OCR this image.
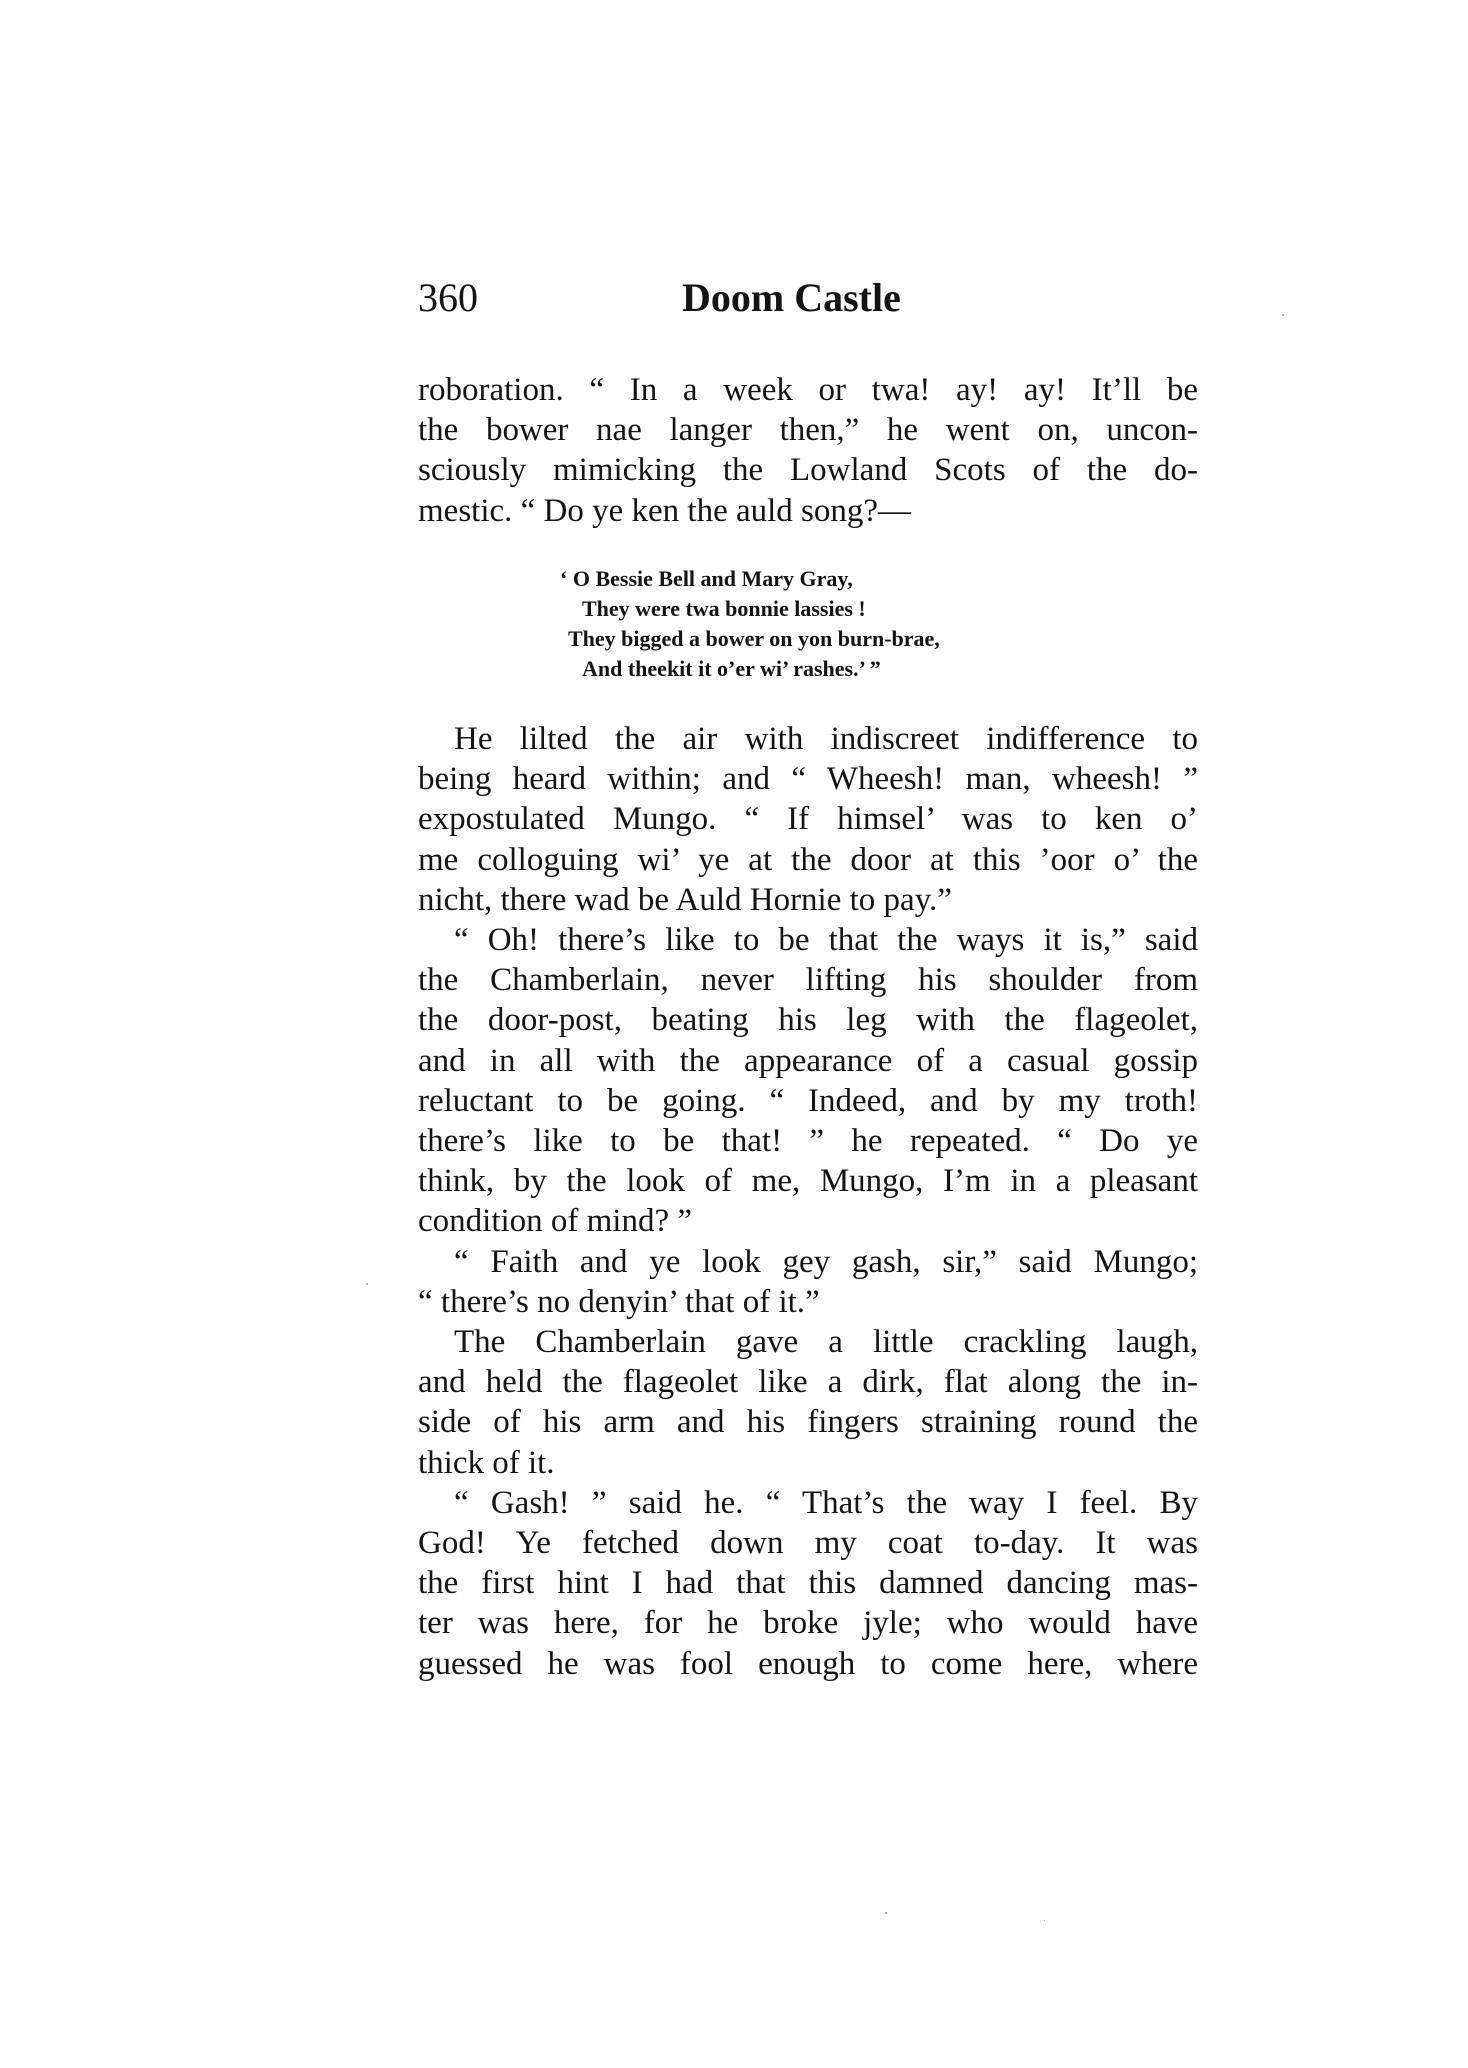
360	Doom Castle

roboration. “ In a week or twa! ay! ay! It’ll be

the bower nae langer then,” he went on, uncon-

sciously mimicking the Lowland Scots of the do-

mestic. “ Do ye ken the auld song?—

‘ O Bessie Bell and Mary Gray,

They were twa bonnie lassies !

They bigged a bower on yon burn-brae,

And theekit it o’er wi’ rashes.’ ”

He lilted the air with indiscreet indifference to

being heard within; and “ Wheesh! man, wheesh! ”

expostulated Mungo. “ If himsel’ was to ken o’

me colloguing wi’ ye at the door at this ’oor o’ the

nicht, there wad be Auld Hornie to pay.”

“ Oh! there’s like to be that the ways it is,” said

the Chamberlain, never lifting his shoulder from

the door-post, beating his leg with the flageolet,

and in all with the appearance of a casual gossip

reluctant to be going. “ Indeed, and by my troth!

there’s like to be that! ” he repeated. “ Do ye

think, by the look of me, Mungo, I’m in a pleasant

condition of mind? ”

“ Faith and ye look gey gash, sir,” said Mungo;

“ there’s no denyin’ that of it.”

The Chamberlain gave a little crackling laugh,

and held the flageolet like a dirk, flat along the in-

side of his arm and his fingers straining round the

thick of it.

“ Gash! ” said he. “ That’s the way I feel. By

God! Ye fetched down my coat to-day. It was

the first hint I had that this damned dancing mas-

ter was here, for he broke jyle; who would have

guessed he was fool enough to come here, where
